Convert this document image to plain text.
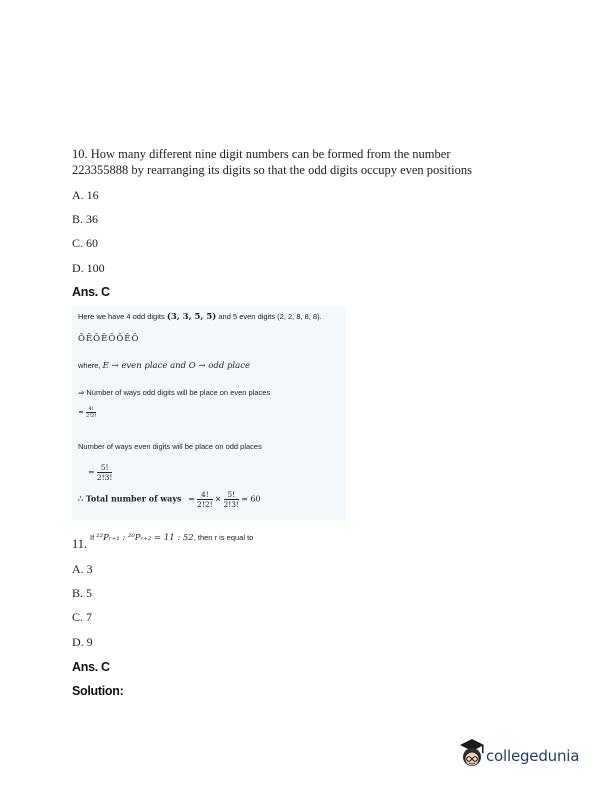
10. How many different nine digit numbers can be formed from the number
223355888 by rearranging its digits so that the odd digits occupy even positions
A. 16
B. 36
C. 60
D. 100
Ans. C
Here we have 4 odd digits (3, 3, 5, 5) and 5 even digits (2, 2, 8, 8, 8).
ŌĒŌĒŌŌĒŌ
where, E → even place and O → odd place
⇒ Number of ways odd digits will be place on even places
= $\frac{4!}{2!2!}$
Number of ways even digits will be place on odd places
= $\frac{5!}{2!3!}$
∴ Total number of ways = $\frac{4!}{2!2!} \times \frac{5!}{2!3!} = 60$
11. If ²²Pᵣ₊₁ : ²⁰Pᵣ₊₂ = 11 : 52, then r is equal to
A. 3
B. 5
C. 7
D. 9
Ans. C
Solution:
collegedunia
